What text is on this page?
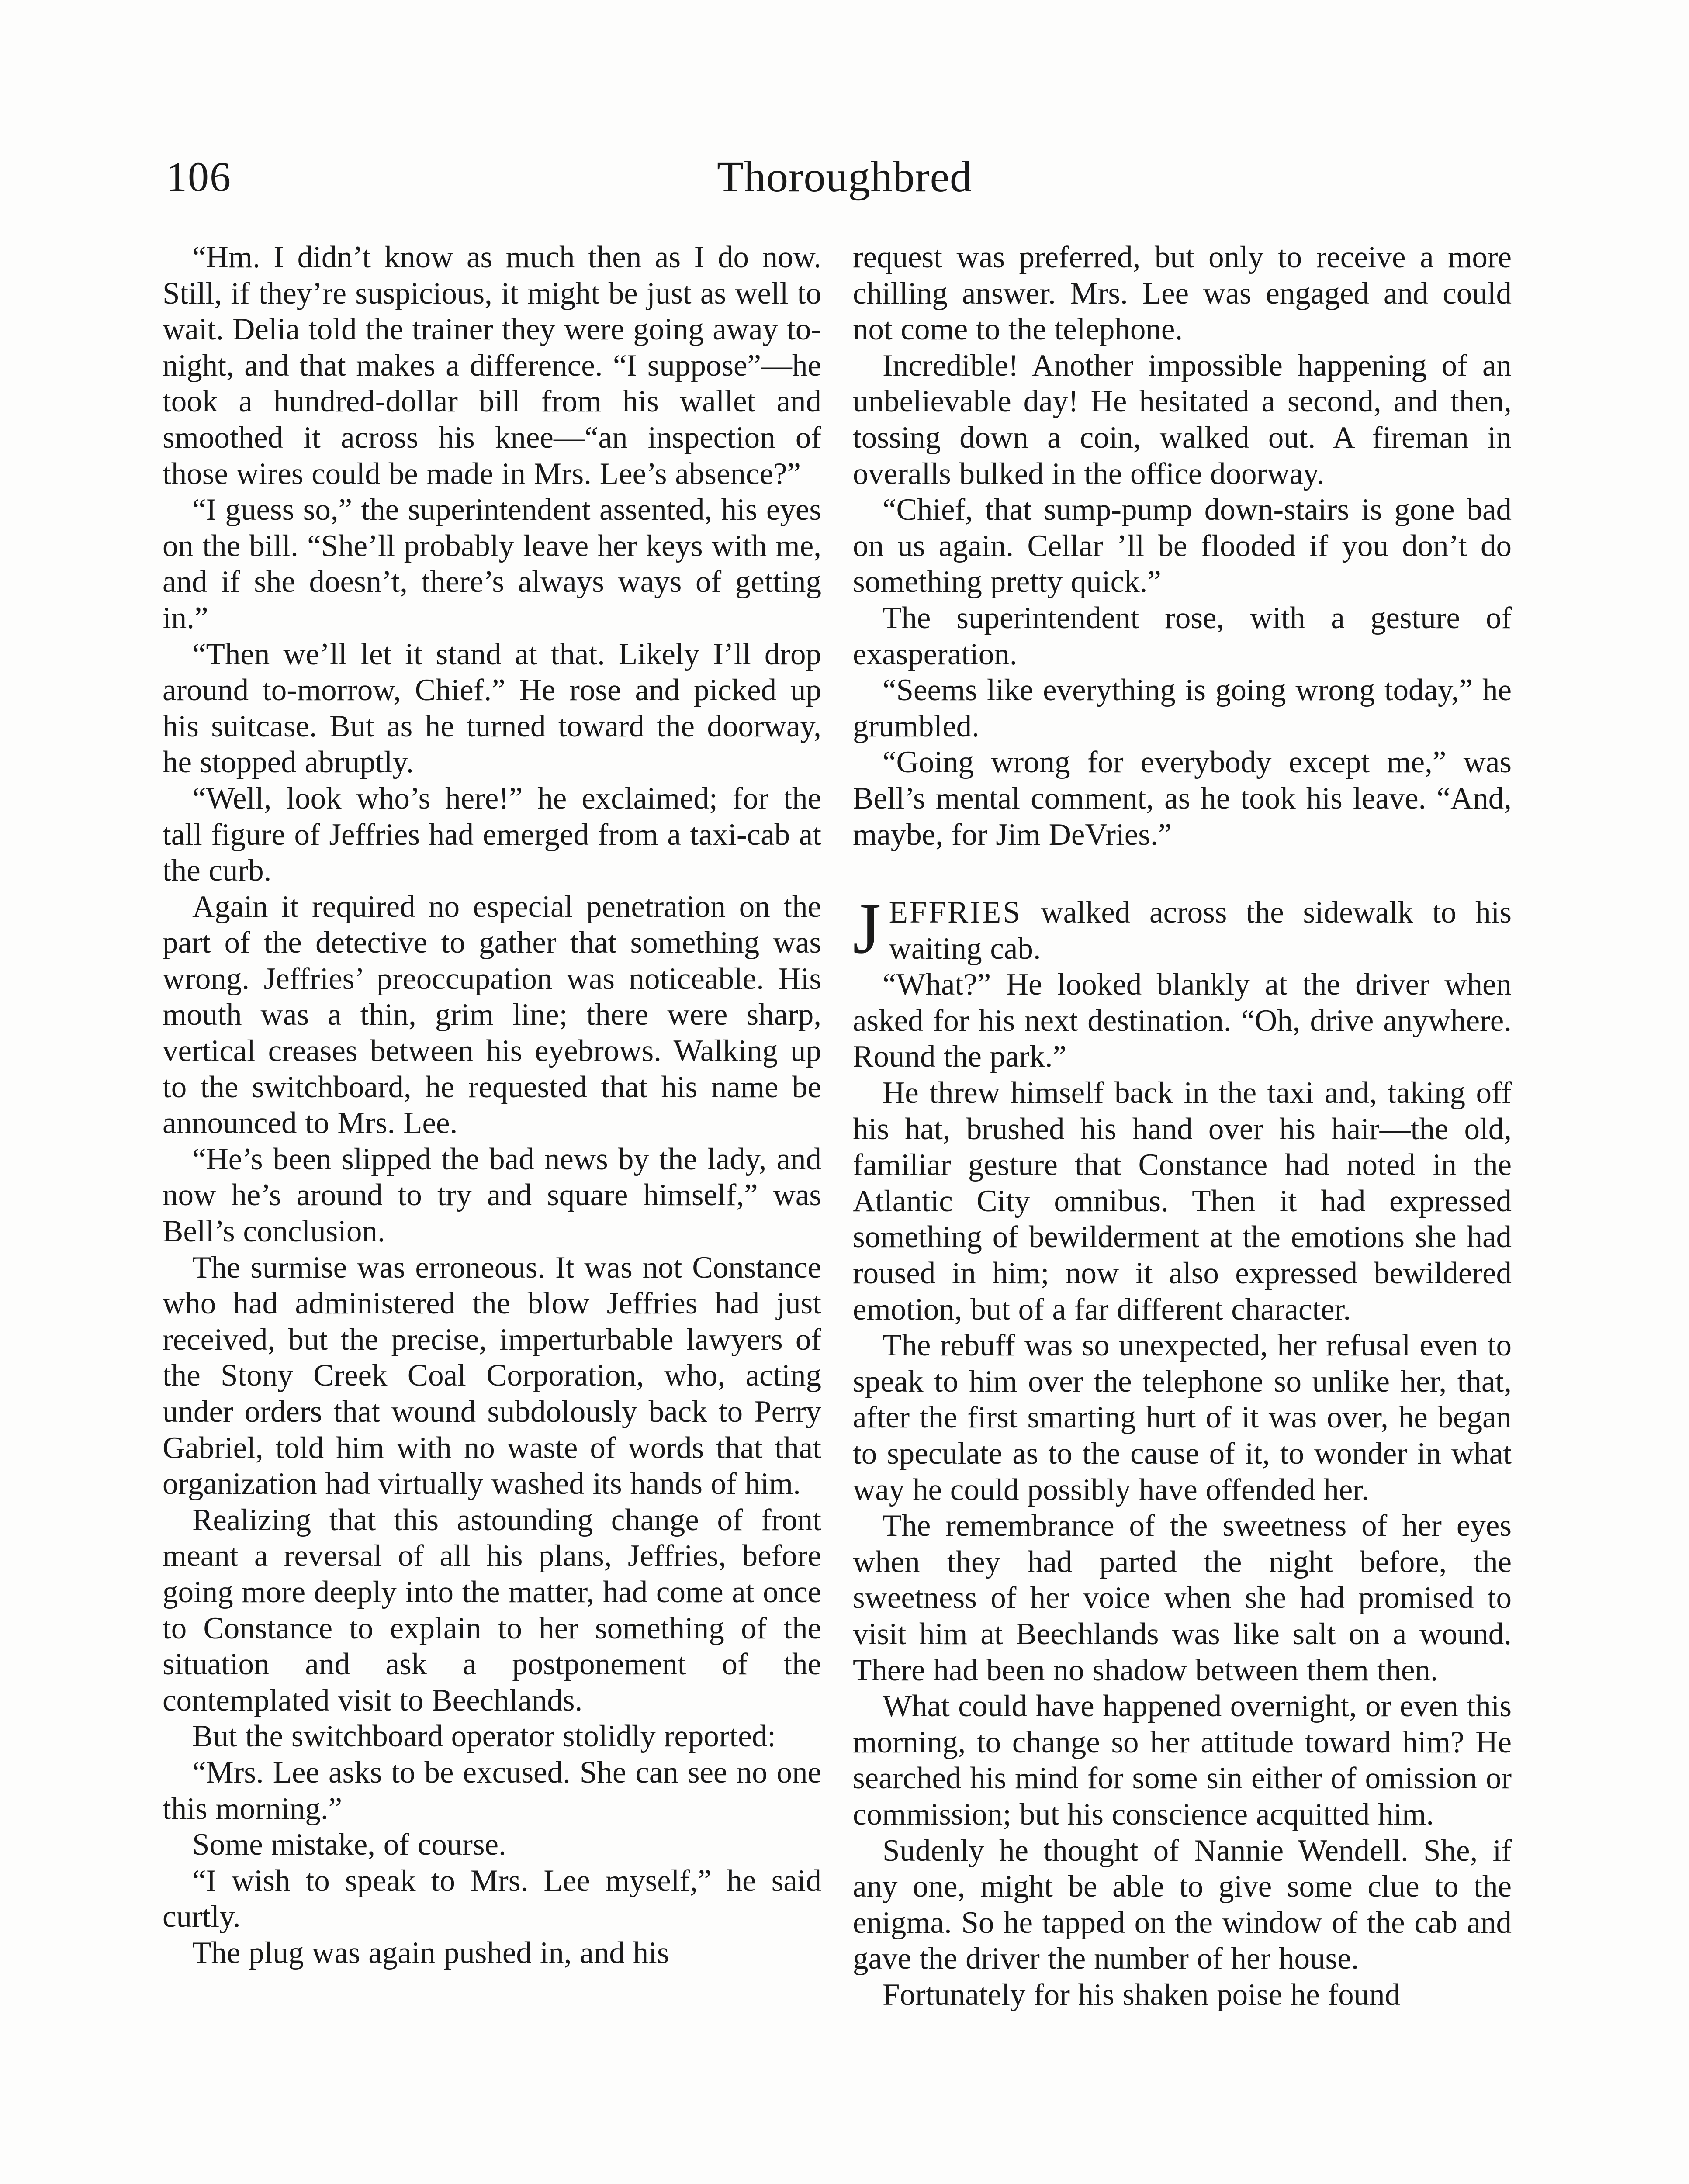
106	Thoroughbred

“Hm. I didn’t know as much then as I do now. Still, if they’re suspicious, it might be just as well to wait. Delia told the trainer they were going away to-night, and that makes a difference. “I suppose”—he took a hundred-dollar bill from his wallet and smoothed it across his knee—“an inspection of those wires could be made in Mrs. Lee’s absence?”

“I guess so,” the superintendent assented, his eyes on the bill. “She’ll probably leave her keys with me, and if she doesn’t, there’s always ways of getting in.”

“Then we’ll let it stand at that. Likely I’ll drop around to-morrow, Chief.” He rose and picked up his suitcase. But as he turned toward the doorway, he stopped abruptly.

“Well, look who’s here!” he exclaimed; for the tall figure of Jeffries had emerged from a taxi-cab at the curb.

Again it required no especial penetration on the part of the detective to gather that something was wrong. Jeffries’ preoccupation was noticeable. His mouth was a thin, grim line; there were sharp, vertical creases between his eyebrows. Walking up to the switchboard, he requested that his name be announced to Mrs. Lee.

“He’s been slipped the bad news by the lady, and now he’s around to try and square himself,” was Bell’s conclusion.

The surmise was erroneous. It was not Constance who had administered the blow Jeffries had just received, but the precise, imperturbable lawyers of the Stony Creek Coal Corporation, who, acting under orders that wound subdolously back to Perry Gabriel, told him with no waste of words that that organization had virtually washed its hands of him.

Realizing that this astounding change of front meant a reversal of all his plans, Jeffries, before going more deeply into the matter, had come at once to Constance to explain to her something of the situation and ask a postponement of the contemplated visit to Beechlands.

But the switchboard operator stolidly reported:

“Mrs. Lee asks to be excused. She can see no one this morning.”

Some mistake, of course.

“I wish to speak to Mrs. Lee myself,” he said curtly.

The plug was again pushed in, and his

request was preferred, but only to receive a more chilling answer. Mrs. Lee was engaged and could not come to the telephone.

Incredible! Another impossible happening of an unbelievable day! He hesitated a second, and then, tossing down a coin, walked out. A fireman in overalls bulked in the office doorway.

“Chief, that sump-pump down-stairs is gone bad on us again. Cellar ’ll be flooded if you don’t do something pretty quick.”

The superintendent rose, with a gesture of exasperation.

“Seems like everything is going wrong today,” he grumbled.

“Going wrong for everybody except me,” was Bell’s mental comment, as he took his leave. “And, maybe, for Jim DeVries.”

JEFFRIES walked across the sidewalk to his waiting cab.

“What?” He looked blankly at the driver when asked for his next destination. “Oh, drive anywhere. Round the park.”

He threw himself back in the taxi and, taking off his hat, brushed his hand over his hair—the old, familiar gesture that Constance had noted in the Atlantic City omnibus. Then it had expressed something of bewilderment at the emotions she had roused in him; now it also expressed bewildered emotion, but of a far different character.

The rebuff was so unexpected, her refusal even to speak to him over the telephone so unlike her, that, after the first smarting hurt of it was over, he began to speculate as to the cause of it, to wonder in what way he could possibly have offended her.

The remembrance of the sweetness of her eyes when they had parted the night before, the sweetness of her voice when she had promised to visit him at Beechlands was like salt on a wound. There had been no shadow between them then.

What could have happened overnight, or even this morning, to change so her attitude toward him? He searched his mind for some sin either of omission or commission; but his conscience acquitted him.

Sudenly he thought of Nannie Wendell. She, if any one, might be able to give some clue to the enigma. So he tapped on the window of the cab and gave the driver the number of her house.

Fortunately for his shaken poise he found
